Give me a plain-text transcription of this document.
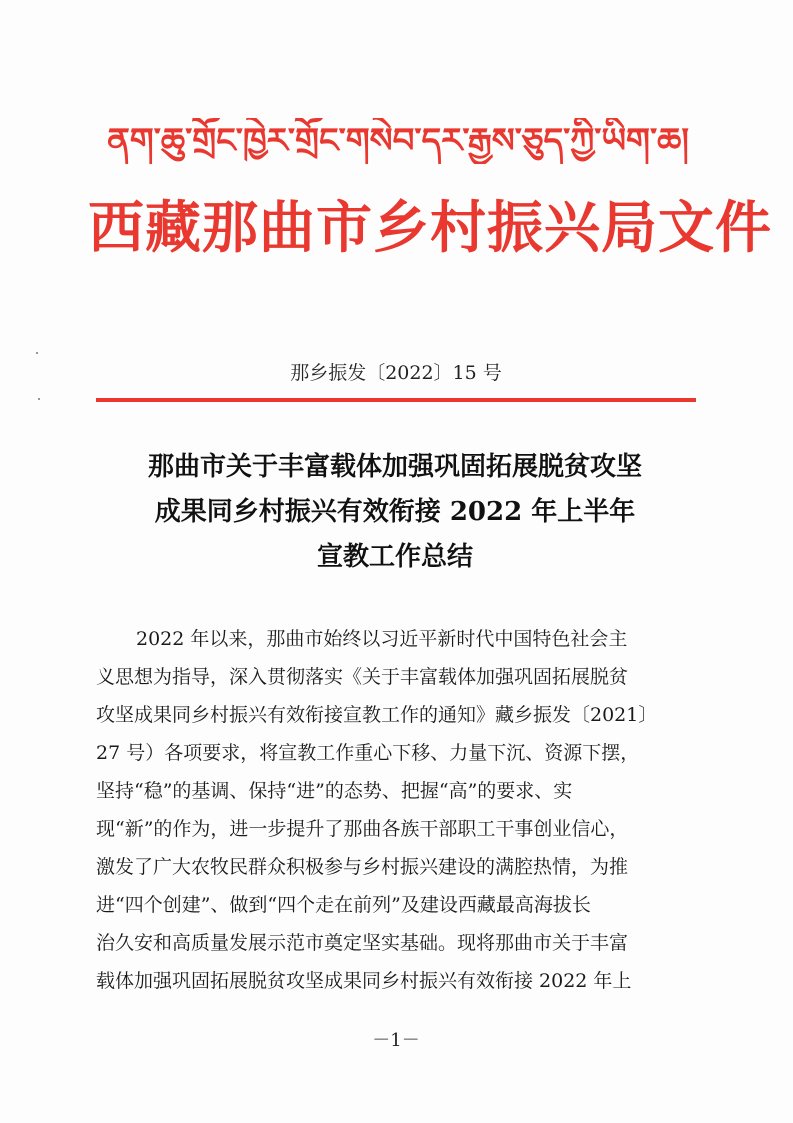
ནག་ཆུ་གྲོང་ཁྱེར་གྲོང་གསེབ་དར་རྒྱས་ཅུད་ཀྱི་ཡིག་ཆ།
西藏那曲市乡村振兴局文件
那乡振发〔2022〕15 号
那曲市关于丰富载体加强巩固拓展脱贫攻坚
成果同乡村振兴有效衔接 2022 年上半年
宣教工作总结
2022 年以来，那曲市始终以习近平新时代中国特色社会主
义思想为指导，深入贯彻落实《关于丰富载体加强巩固拓展脱贫
攻坚成果同乡村振兴有效衔接宣教工作的通知》藏乡振发〔2021〕
27 号）各项要求，将宣教工作重心下移、力量下沉、资源下摆，
坚持“稳”的基调、保持“进”的态势、把握“高”的要求、实
现“新”的作为，进一步提升了那曲各族干部职工干事创业信心，
激发了广大农牧民群众积极参与乡村振兴建设的满腔热情，为推
进“四个创建”、做到“四个走在前列”及建设西藏最高海拔长
治久安和高质量发展示范市奠定坚实基础。现将那曲市关于丰富
载体加强巩固拓展脱贫攻坚成果同乡村振兴有效衔接 2022 年上
－1－
